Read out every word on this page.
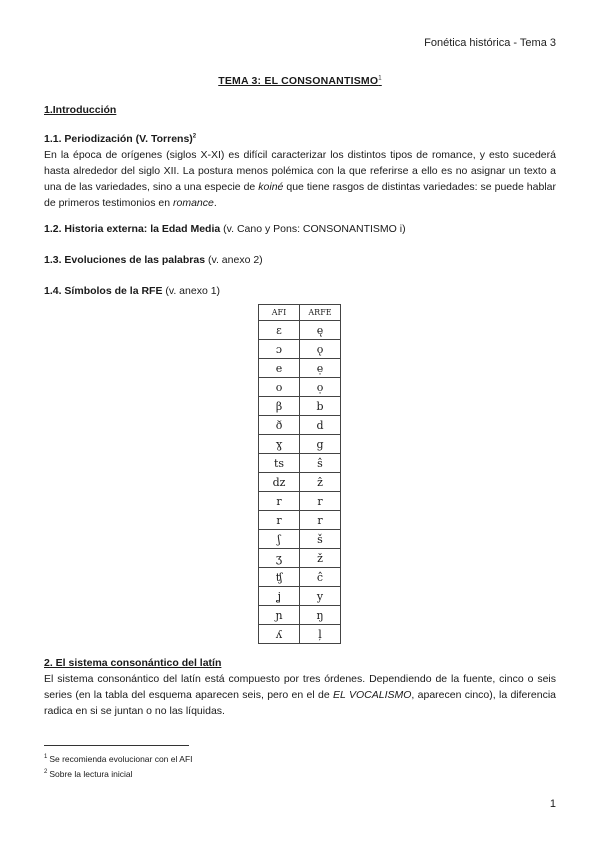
Fonética histórica - Tema 3
TEMA 3: EL CONSONANTISMO$^1$
1.Introducción
1.1. Periodización (V. Torrens)$^2$
En la época de orígenes (siglos X-XI) es difícil caracterizar los distintos tipos de romance, y esto sucederá hasta alrededor del siglo XII. La postura menos polémica con la que referirse a ello es no asignar un texto a una de las variedades, sino a una especie de koiné que tiene rasgos de distintas variedades: se puede hablar de primeros testimonios en romance.
1.2. Historia externa: la Edad Media (v. Cano y Pons: CONSONANTISMO i)
1.3. Evoluciones de las palabras (v. anexo 2)
1.4. Símbolos de la RFE (v. anexo 1)
AFI	ARFE
ɛ	ę
ɔ	ǫ
e	ẹ
o	ọ
β	b
ð	d
ɣ	g
ts	ŝ
dz	ẑ
r	r
r	r
ʃ	š
ʒ	ž
ʧ	ĉ
ʝ	y
ɲ	ŋ
ʎ	ļ
2. El sistema consonántico del latín
El sistema consonántico del latín está compuesto por tres órdenes. Dependiendo de la fuente, cinco o seis series (en la tabla del esquema aparecen seis, pero en el de EL VOCALISMO, aparecen cinco), la diferencia radica en si se juntan o no las líquidas.
$^1$ Se recomienda evolucionar con el AFI
$^2$ Sobre la lectura inicial
1
